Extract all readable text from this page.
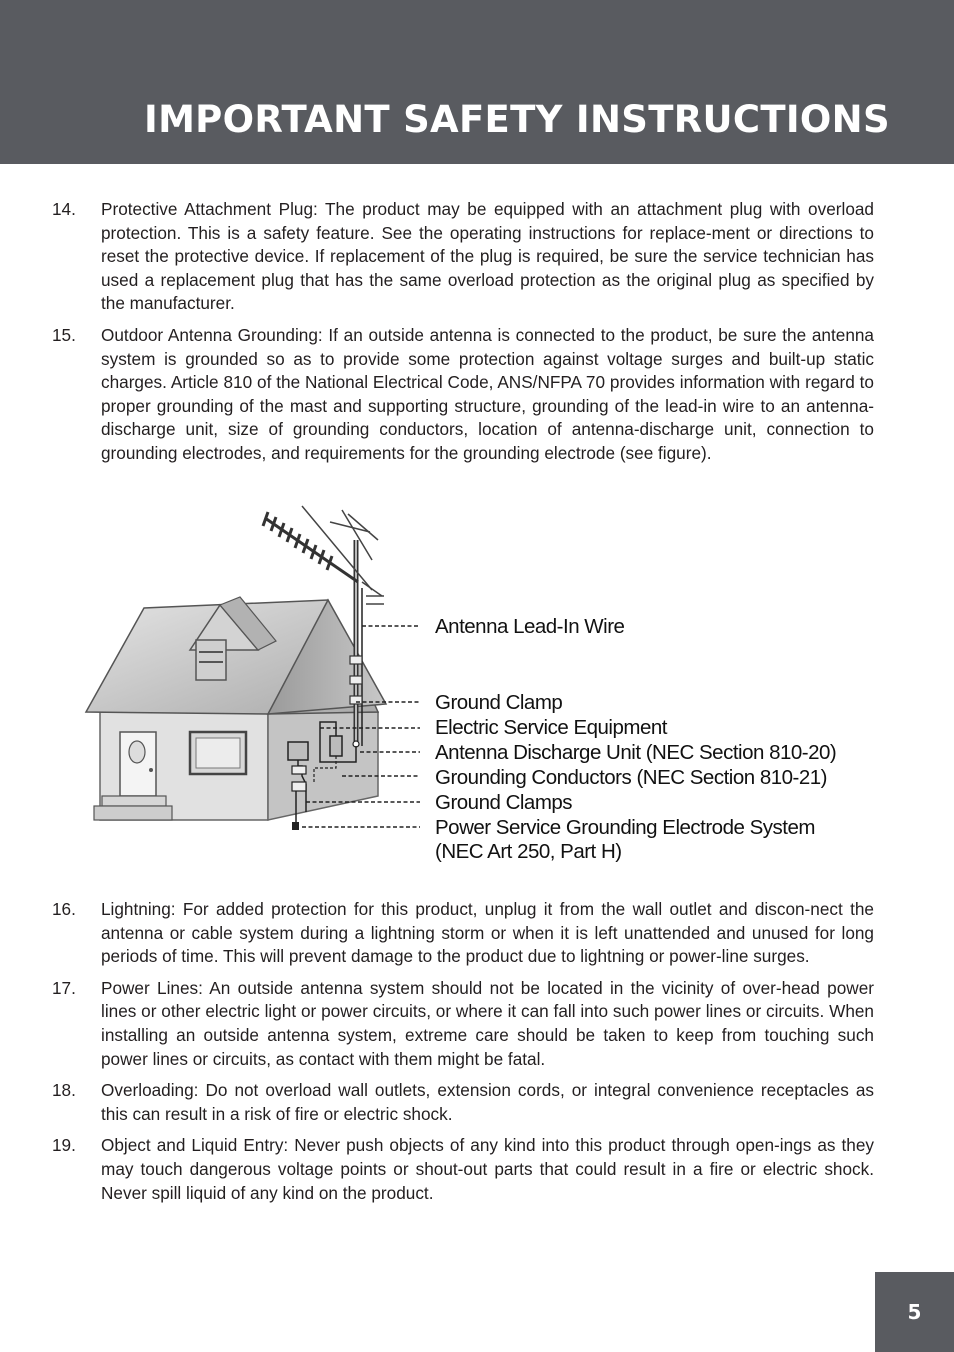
IMPORTANT SAFETY INSTRUCTIONS
14. Protective Attachment Plug: The product may be equipped with an attachment plug with overload protection. This is a safety feature. See the operating instructions for replace-ment or directions to reset the protective device. If replacement of the plug is required, be sure the service technician has used a replacement plug that has the same overload protection as the original plug as specified by the manufacturer.
15. Outdoor Antenna Grounding: If an outside antenna is connected to the product, be sure the antenna system is grounded so as to provide some protection against voltage surges and built-up static charges. Article 810 of the National Electrical Code, ANS/NFPA 70 provides information with regard to proper grounding of the mast and supporting structure, grounding of the lead-in wire to an antenna-discharge unit, size of grounding conductors, location of antenna-discharge unit, connection to grounding electrodes, and requirements for the grounding electrode (see figure).
Antenna Lead-In Wire
Ground Clamp
Electric Service Equipment
Antenna Discharge Unit (NEC Section 810-20)
Grounding Conductors (NEC Section 810-21)
Ground Clamps
Power Service Grounding Electrode System
(NEC Art 250, Part H)
16. Lightning: For added protection for this product, unplug it from the wall outlet and discon-nect the antenna or cable system during a lightning storm or when it is left unattended and unused for long periods of time. This will prevent damage to the product due to lightning or power-line surges.
17. Power Lines: An outside antenna system should not be located in the vicinity of over-head power lines or other electric light or power circuits, or where it can fall into such power lines or circuits. When installing an outside antenna system, extreme care should be taken to keep from touching such power lines or circuits, as contact with them might be fatal.
18. Overloading: Do not overload wall outlets, extension cords, or integral convenience receptacles as this can result in a risk of fire or electric shock.
19. Object and Liquid Entry: Never push objects of any kind into this product through open-ings as they may touch dangerous voltage points or shout-out parts that could result in a fire or electric shock. Never spill liquid of any kind on the product.
5
